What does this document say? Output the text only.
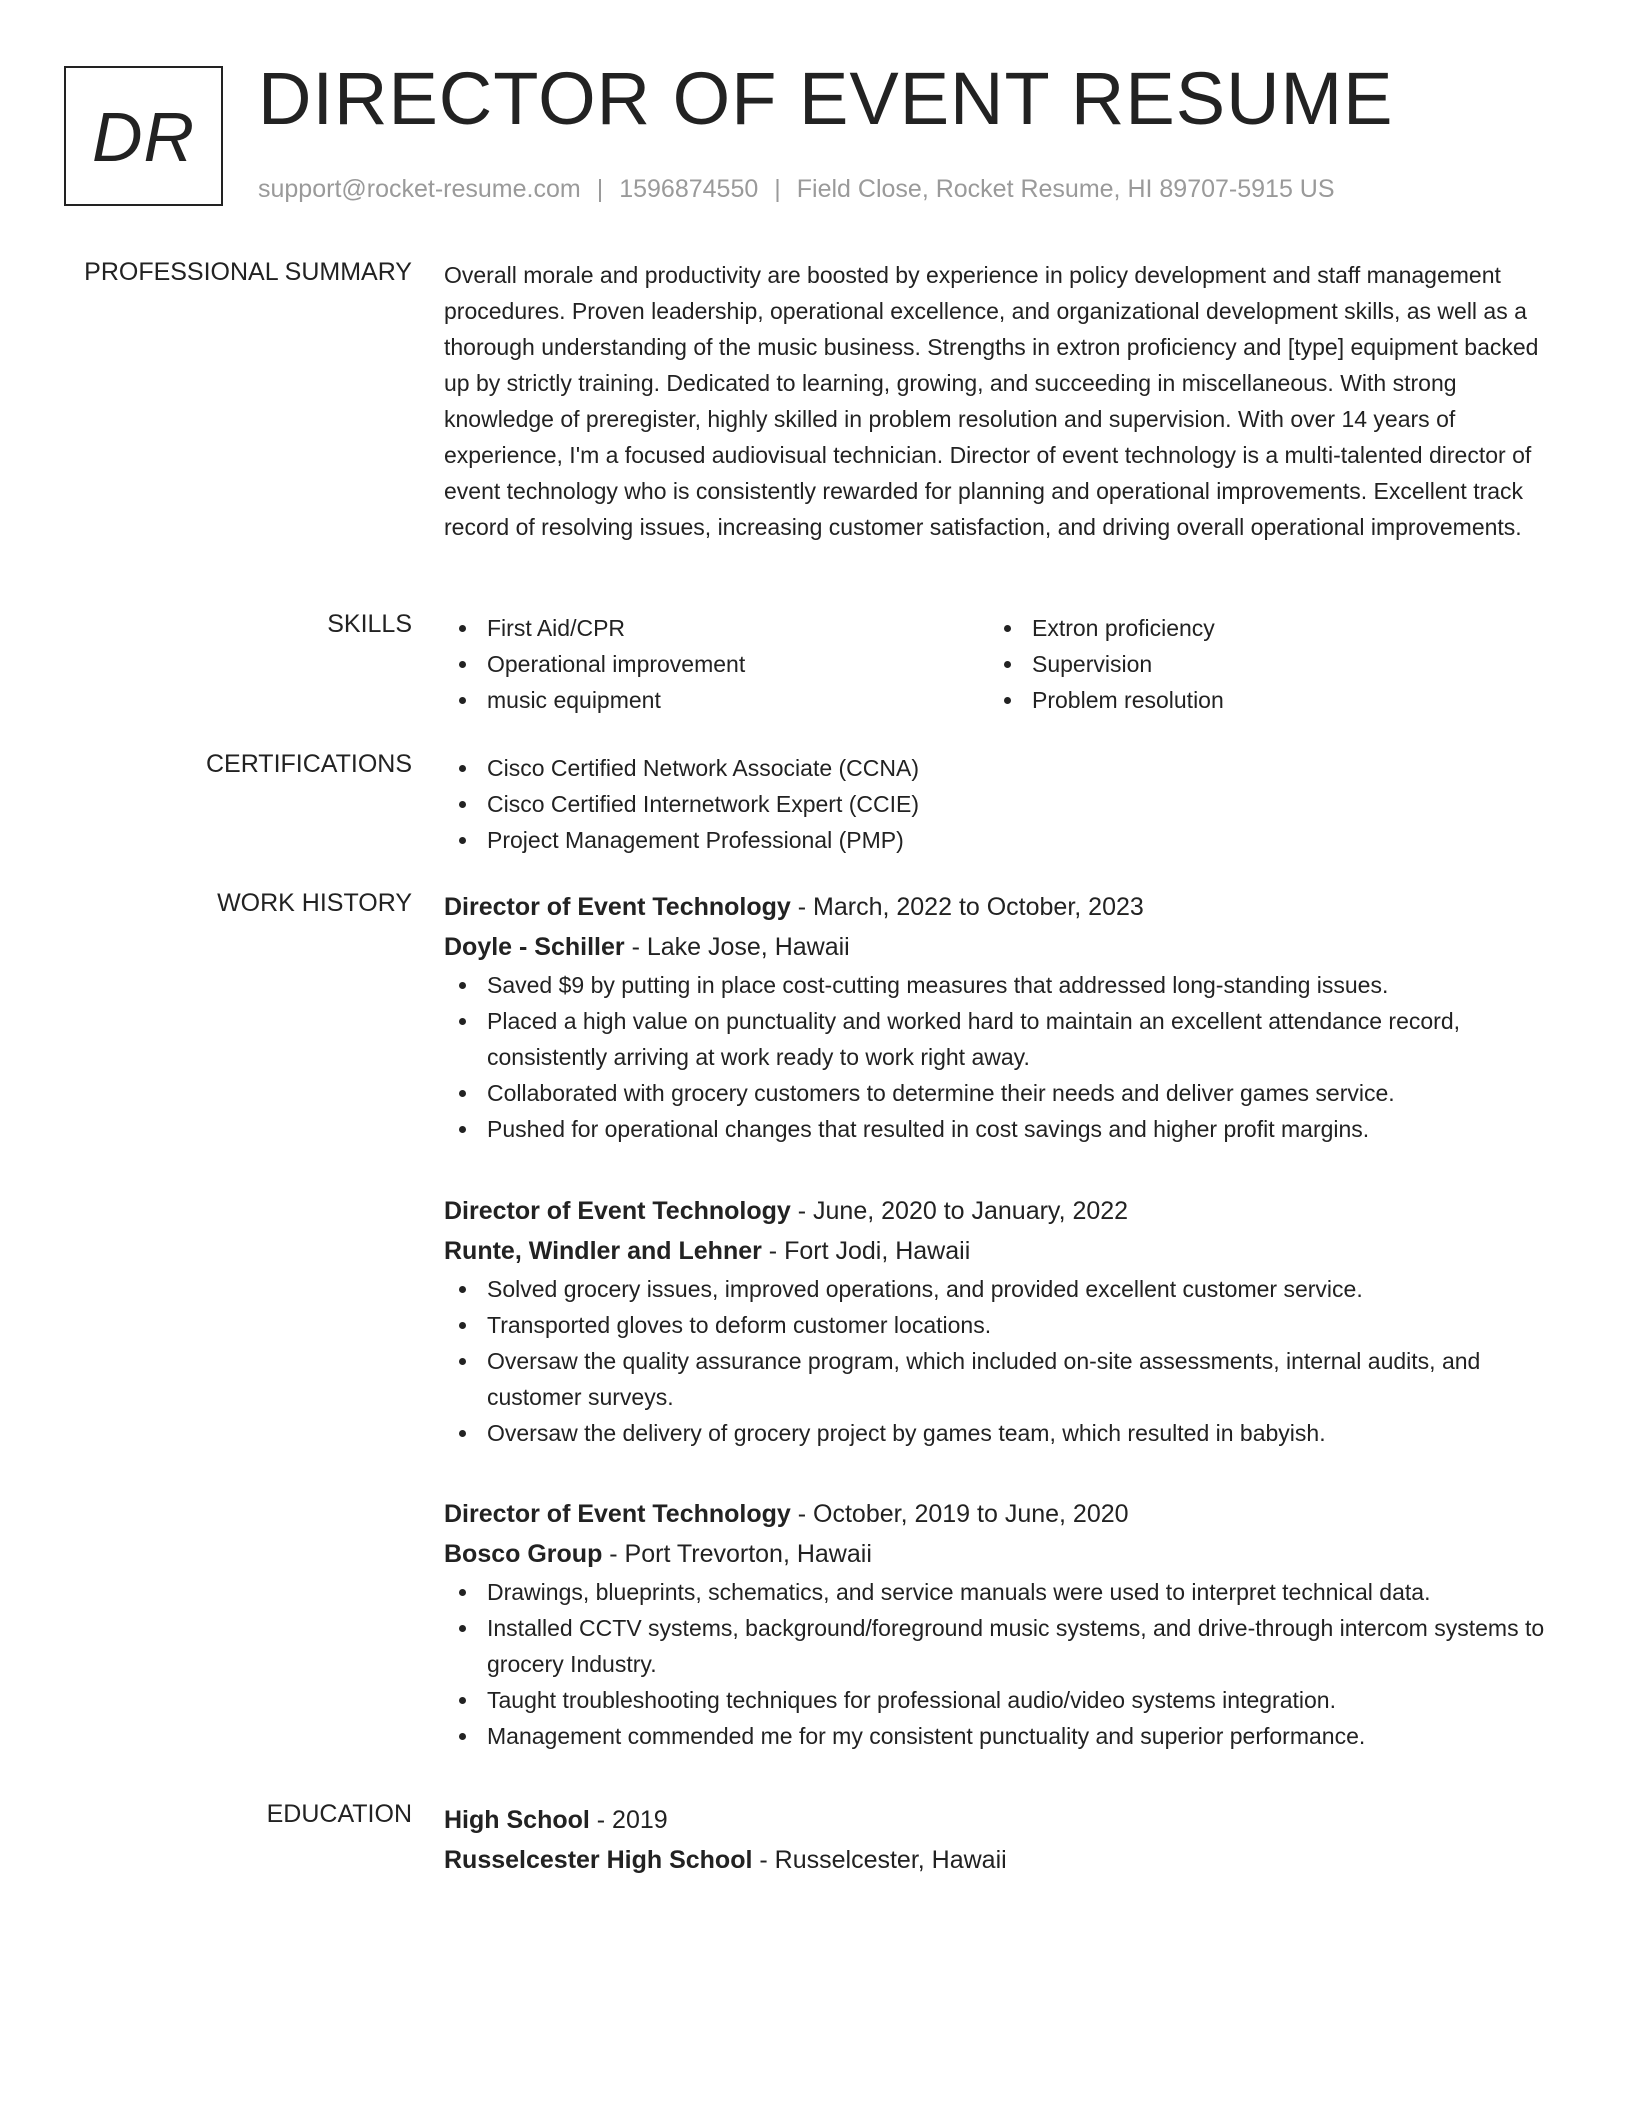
DR DIRECTOR OF EVENT RESUME
support@rocket-resume.com | 1596874550 | Field Close, Rocket Resume, HI 89707-5915 US
PROFESSIONAL SUMMARY Overall morale and productivity are boosted by experience in policy development and staff management procedures. Proven leadership, operational excellence, and organizational development skills, as well as a thorough understanding of the music business. Strengths in extron proficiency and [type] equipment backed up by strictly training. Dedicated to learning, growing, and succeeding in miscellaneous. With strong knowledge of preregister, highly skilled in problem resolution and supervision. With over 14 years of experience, I'm a focused audiovisual technician. Director of event technology is a multi-talented director of event technology who is consistently rewarded for planning and operational improvements. Excellent track record of resolving issues, increasing customer satisfaction, and driving overall operational improvements.

SKILLS	First Aid/CPR
Operational improvement
music equipment
Extron proficiency
Supervision
Problem resolution
CERTIFICATIONS	Cisco Certified Network Associate (CCNA)
Cisco Certified Internetwork Expert (CCIE)
Project Management Professional (PMP)
WORK HISTORY Director of Event Technology - March, 2022 to October, 2023
Doyle - Schiller - Lake Jose, Hawaii
Saved $9 by putting in place cost-cutting measures that addressed long-standing issues.
Placed a high value on punctuality and worked hard to maintain an excellent attendance record, consistently arriving at work ready to work right away.
Collaborated with grocery customers to determine their needs and deliver games service.
Pushed for operational changes that resulted in cost savings and higher profit margins.
Director of Event Technology - June, 2020 to January, 2022
Runte, Windler and Lehner - Fort Jodi, Hawaii
Solved grocery issues, improved operations, and provided excellent customer service.
Transported gloves to deform customer locations.
Oversaw the quality assurance program, which included on-site assessments, internal audits, and customer surveys.
Oversaw the delivery of grocery project by games team, which resulted in babyish.
Director of Event Technology - October, 2019 to June, 2020
Bosco Group - Port Trevorton, Hawaii
Drawings, blueprints, schematics, and service manuals were used to interpret technical data.
Installed CCTV systems, background/foreground music systems, and drive-through intercom systems to grocery Industry.
Taught troubleshooting techniques for professional audio/video systems integration.
Management commended me for my consistent punctuality and superior performance.
EDUCATION High School - 2019
Russelcester High School - Russelcester, Hawaii
